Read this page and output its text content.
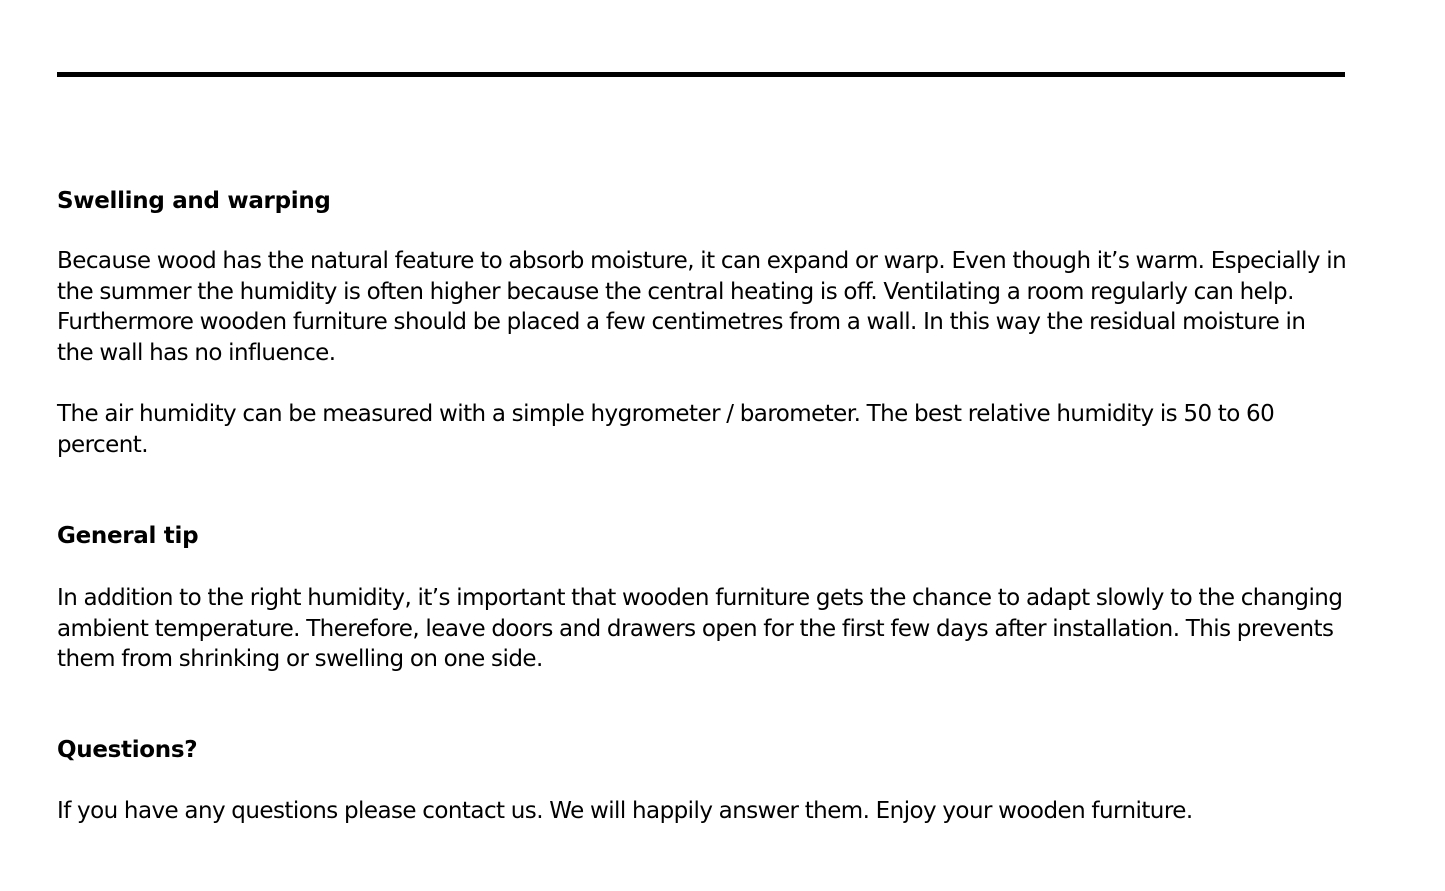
Swelling and warping

Because wood has the natural feature to absorb moisture, it can expand or warp. Even though it’s warm. Especially in the summer the humidity is often higher because the central heating is off. Ventilating a room regularly can help. Furthermore wooden furniture should be placed a few centimetres from a wall. In this way the residual moisture in the wall has no influence.

The air humidity can be measured with a simple hygrometer / barometer. The best relative humidity is 50 to 60 percent.

General tip

In addition to the right humidity, it’s important that wooden furniture gets the chance to adapt slowly to the changing ambient temperature. Therefore, leave doors and drawers open for the first few days after installation. This prevents them from shrinking or swelling on one side.

Questions?

If you have any questions please contact us. We will happily answer them. Enjoy your wooden furniture.
